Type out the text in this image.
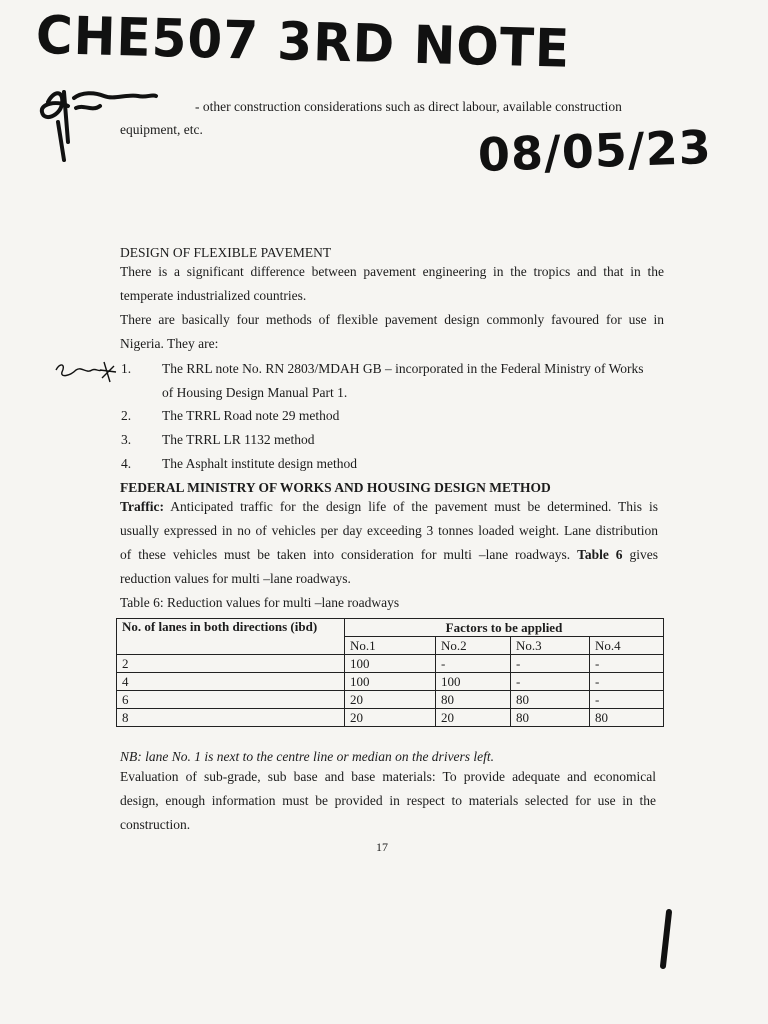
CHE507 3RD NOTE
08/05/23
- other construction considerations such as direct labour, available construction
equipment, etc.
DESIGN OF FLEXIBLE PAVEMENT
There is a significant difference between pavement engineering in the tropics and that in the
temperate industrialized countries.
There are basically four methods of flexible pavement design commonly favoured for use in
Nigeria. They are:
1. The RRL note No. RN 2803/MDAH GB – incorporated in the Federal Ministry of Works
of Housing Design Manual Part 1.
2. The TRRL Road note 29 method
3. The TRRL LR 1132 method
4. The Asphalt institute design method
FEDERAL MINISTRY OF WORKS AND HOUSING DESIGN METHOD
Traffic: Anticipated traffic for the design life of the pavement must be determined. This is
usually expressed in no of vehicles per day exceeding 3 tonnes loaded weight. Lane distribution
of these vehicles must be taken into consideration for multi –lane roadways. Table 6 gives
reduction values for multi –lane roadways.
Table 6: Reduction values for multi –lane roadways
No. of lanes in both directions (ibd)	Factors to be applied			
	No.1	No.2	No.3	No.4
2	100	-	-	-
4	100	100	-	-
6	20	80	80	-
8	20	20	80	80
NB: lane No. 1 is next to the centre line or median on the drivers left.
Evaluation of sub-grade, sub base and base materials: To provide adequate and economical
design, enough information must be provided in respect to materials selected for use in the
construction.
17
